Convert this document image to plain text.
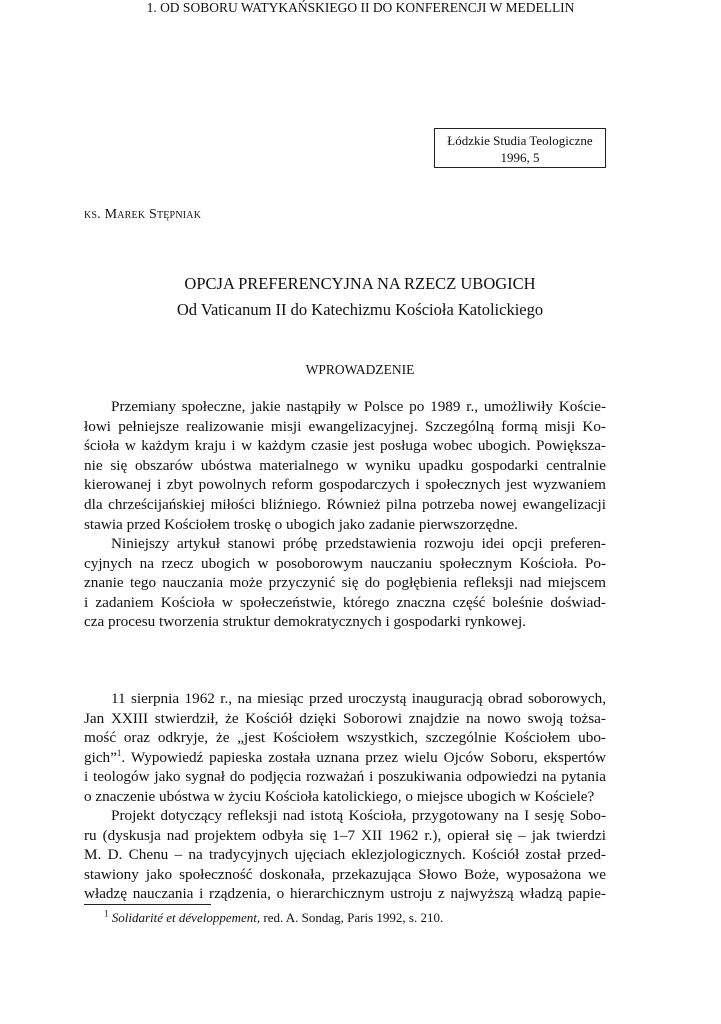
Łódzkie Studia Teologiczne
1996, 5
ks. Marek Stępniak
OPCJA PREFERENCYJNA NA RZECZ UBOGICH
Od Vaticanum II do Katechizmu Kościoła Katolickiego
WPROWADZENIE

Przemiany społeczne, jakie nastąpiły w Polsce po 1989 r., umożliwiły Koście-
łowi pełniejsze realizowanie misji ewangelizacyjnej. Szczególną formą misji Ko-
ścioła w każdym kraju i w każdym czasie jest posługa wobec ubogich. Powiększa-
nie się obszarów ubóstwa materialnego w wyniku upadku gospodarki centralnie
kierowanej i zbyt powolnych reform gospodarczych i społecznych jest wyzwaniem
dla chrześcijańskiej miłości bliźniego. Również pilna potrzeba nowej ewangelizacji
stawia przed Kościołem troskę o ubogich jako zadanie pierwszorzędne.

Niniejszy artykuł stanowi próbę przedstawienia rozwoju idei opcji preferen-
cyjnych na rzecz ubogich w posoborowym nauczaniu społecznym Kościoła. Po-
znanie tego nauczania może przyczynić się do pogłębienia refleksji nad miejscem
i zadaniem Kościoła w społeczeństwie, którego znaczna część boleśnie doświad-
cza procesu tworzenia struktur demokratycznych i gospodarki rynkowej.

1. OD SOBORU WATYKAŃSKIEGO II DO KONFERENCJI W MEDELLIN

11 sierpnia 1962 r., na miesiąc przed uroczystą inauguracją obrad soborowych,
Jan XXIII stwierdził, że Kościół dzięki Soborowi znajdzie na nowo swoją tożsa-
mość oraz odkryje, że „jest Kościołem wszystkich, szczególnie Kościołem ubo-
gich”$^1$. Wypowiedź papieska została uznana przez wielu Ojców Soboru, ekspertów
i teologów jako sygnał do podjęcia rozważań i poszukiwania odpowiedzi na pytania
o znaczenie ubóstwa w życiu Kościoła katolickiego, o miejsce ubogich w Kościele?

Projekt dotyczący refleksji nad istotą Kościoła, przygotowany na I sesję Sobo-
ru (dyskusja nad projektem odbyła się 1–7 XII 1962 r.), opierał się – jak twierdzi
M. D. Chenu – na tradycyjnych ujęciach eklezjologicznych. Kościół został przed-
stawiony jako społeczność doskonała, przekazująca Słowo Boże, wyposażona we
władzę nauczania i rządzenia, o hierarchicznym ustroju z najwyższą władzą papie-

$^1$ Solidarité et développement, red. A. Sondag, Paris 1992, s. 210.
